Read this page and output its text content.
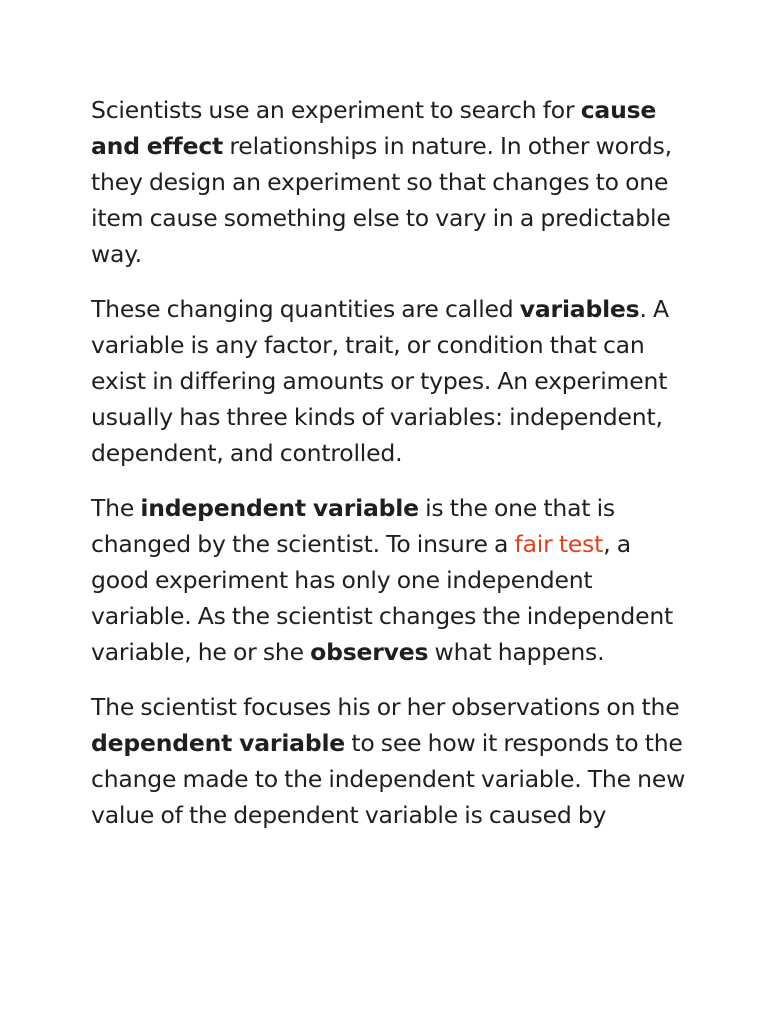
Scientists use an experiment to search for cause and effect relationships in nature. In other words, they design an experiment so that changes to one item cause something else to vary in a predictable way.

These changing quantities are called variables. A variable is any factor, trait, or condition that can exist in differing amounts or types. An experiment usually has three kinds of variables: independent, dependent, and controlled.

The independent variable is the one that is changed by the scientist. To insure a fair test, a good experiment has only one independent variable. As the scientist changes the independent variable, he or she observes what happens.

The scientist focuses his or her observations on the dependent variable to see how it responds to the change made to the independent variable. The new value of the dependent variable is caused by
